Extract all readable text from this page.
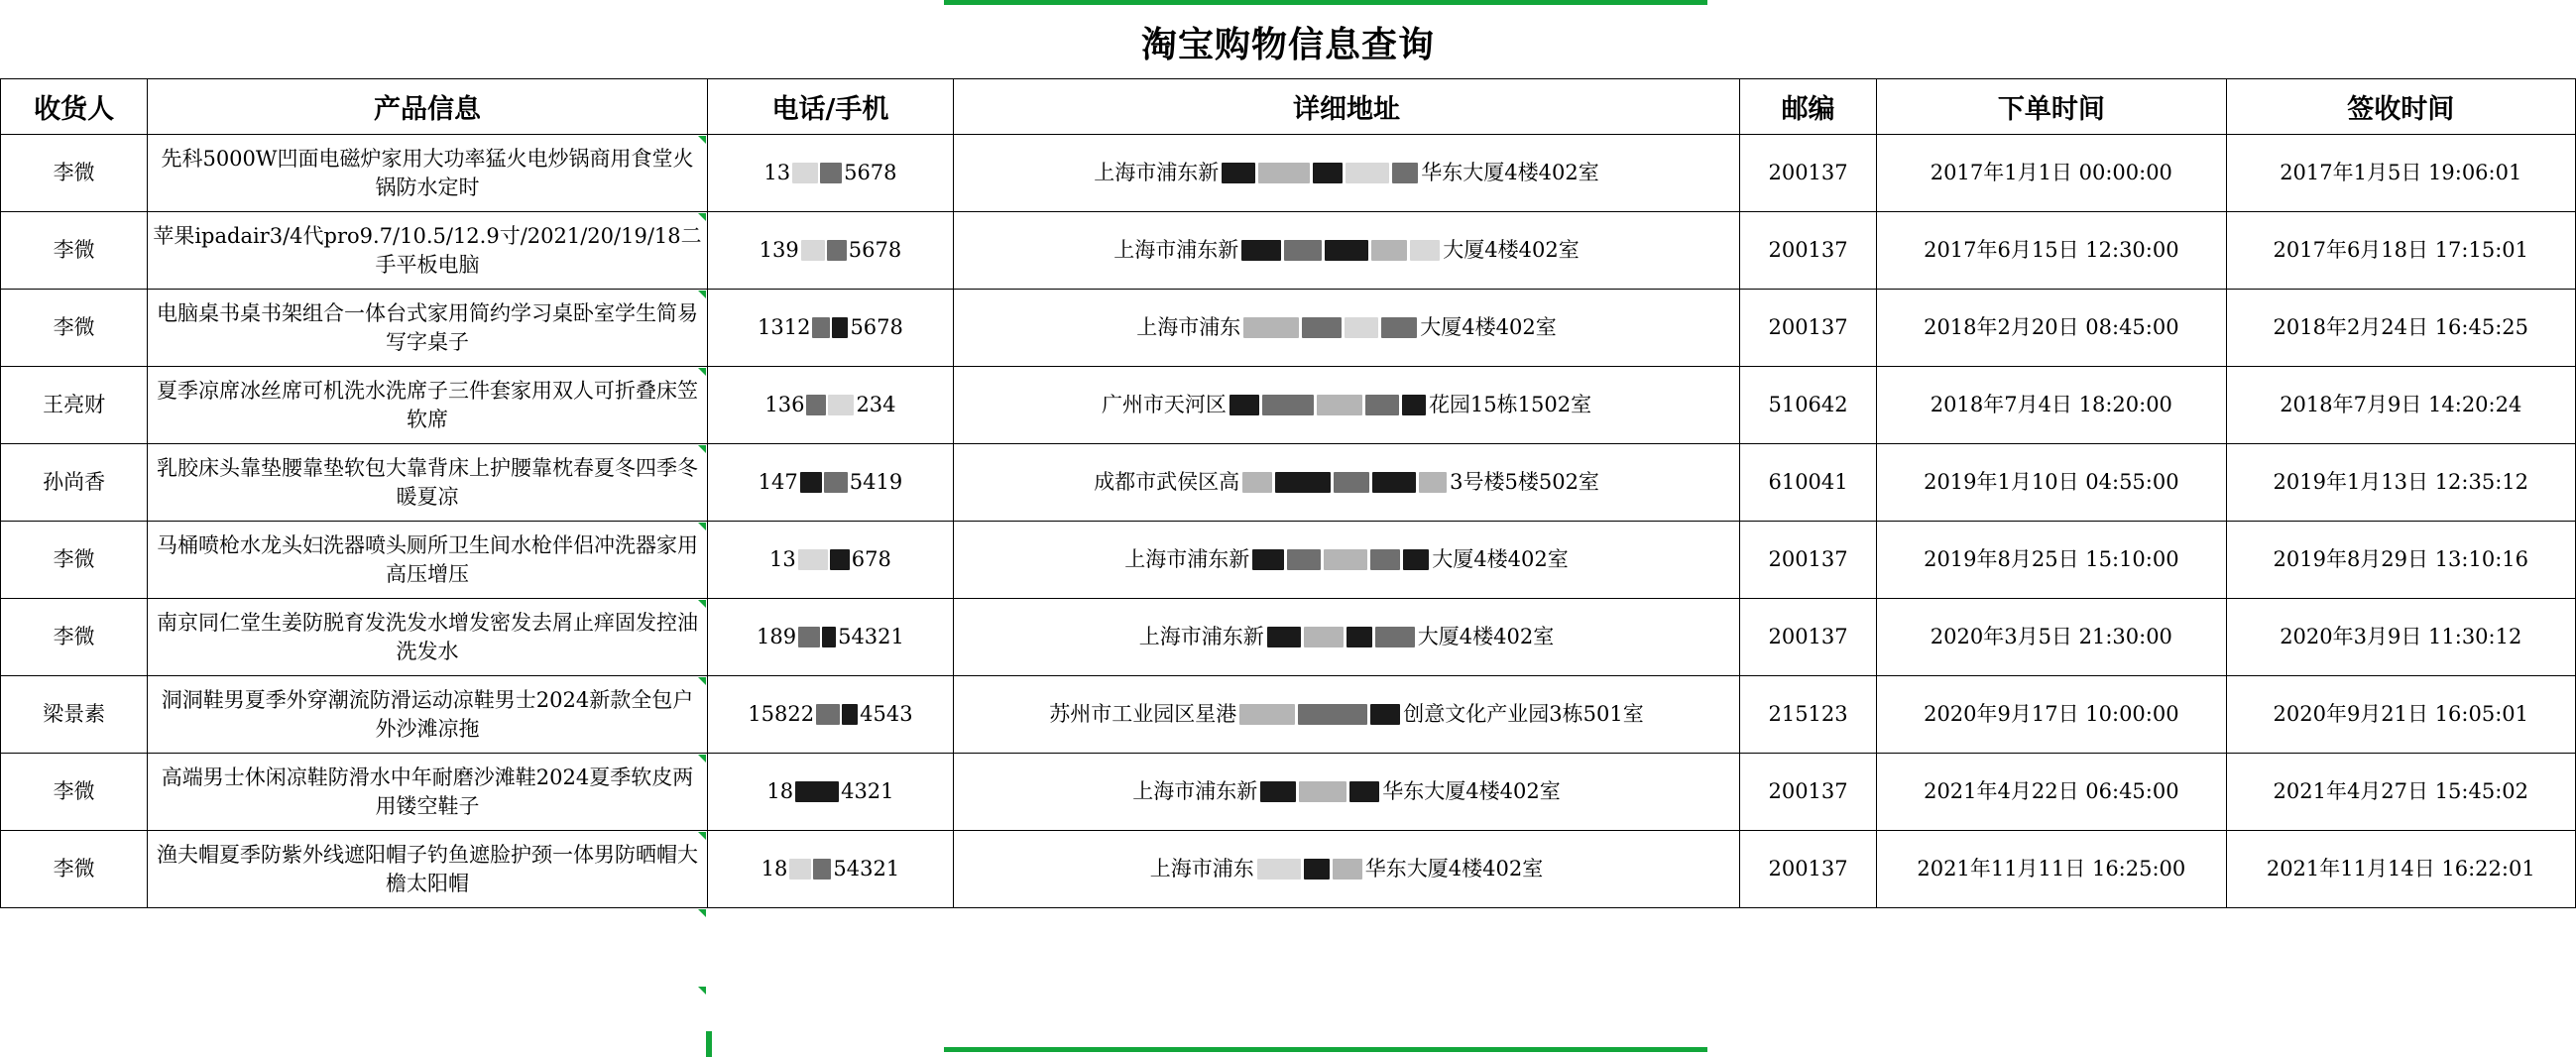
淘宝购物信息查询
收货人	产品信息	电话/手机	详细地址	邮编	下单时间	签收时间
李微	先科5000W凹面电磁炉家用大功率猛火电炒锅商用食堂火锅防水定时	13 5678	上海市浦东新 华东大厦4楼402室	200137	2017年1月1日 00:00:00	2017年1月5日 19:06:01
李微	苹果ipadair3/4代pro9.7/10.5/12.9寸/2021/20/19/18二手平板电脑	139 5678	上海市浦东新 大厦4楼402室	200137	2017年6月15日 12:30:00	2017年6月18日 17:15:01
李微	电脑桌书桌书架组合一体台式家用简约学习桌卧室学生简易写字桌子	1312 5678	上海市浦东 大厦4楼402室	200137	2018年2月20日 08:45:00	2018年2月24日 16:45:25
王亮财	夏季凉席冰丝席可机洗水洗席子三件套家用双人可折叠床笠软席	136 234	广州市天河区 花园15栋1502室	510642	2018年7月4日 18:20:00	2018年7月9日 14:20:24
孙尚香	乳胶床头靠垫腰靠垫软包大靠背床上护腰靠枕春夏冬四季冬暖夏凉	147 5419	成都市武侯区高 3号楼5楼502室	610041	2019年1月10日 04:55:00	2019年1月13日 12:35:12
李微	马桶喷枪水龙头妇洗器喷头厕所卫生间水枪伴侣冲洗器家用高压增压	13 678	上海市浦东新 大厦4楼402室	200137	2019年8月25日 15:10:00	2019年8月29日 13:10:16
李微	南京同仁堂生姜防脱育发洗发水增发密发去屑止痒固发控油洗发水	189 54321	上海市浦东新 大厦4楼402室	200137	2020年3月5日 21:30:00	2020年3月9日 11:30:12
梁景素	洞洞鞋男夏季外穿潮流防滑运动凉鞋男士2024新款全包户外沙滩凉拖	15822 4543	苏州市工业园区星港 创意文化产业园3栋501室	215123	2020年9月17日 10:00:00	2020年9月21日 16:05:01
李微	高端男士休闲凉鞋防滑水中年耐磨沙滩鞋2024夏季软皮两用镂空鞋子	18 4321	上海市浦东新 华东大厦4楼402室	200137	2021年4月22日 06:45:00	2021年4月27日 15:45:02
李微	渔夫帽夏季防紫外线遮阳帽子钓鱼遮脸护颈一体男防晒帽大檐太阳帽	18 54321	上海市浦东 华东大厦4楼402室	200137	2021年11月11日 16:25:00	2021年11月14日 16:22:01
